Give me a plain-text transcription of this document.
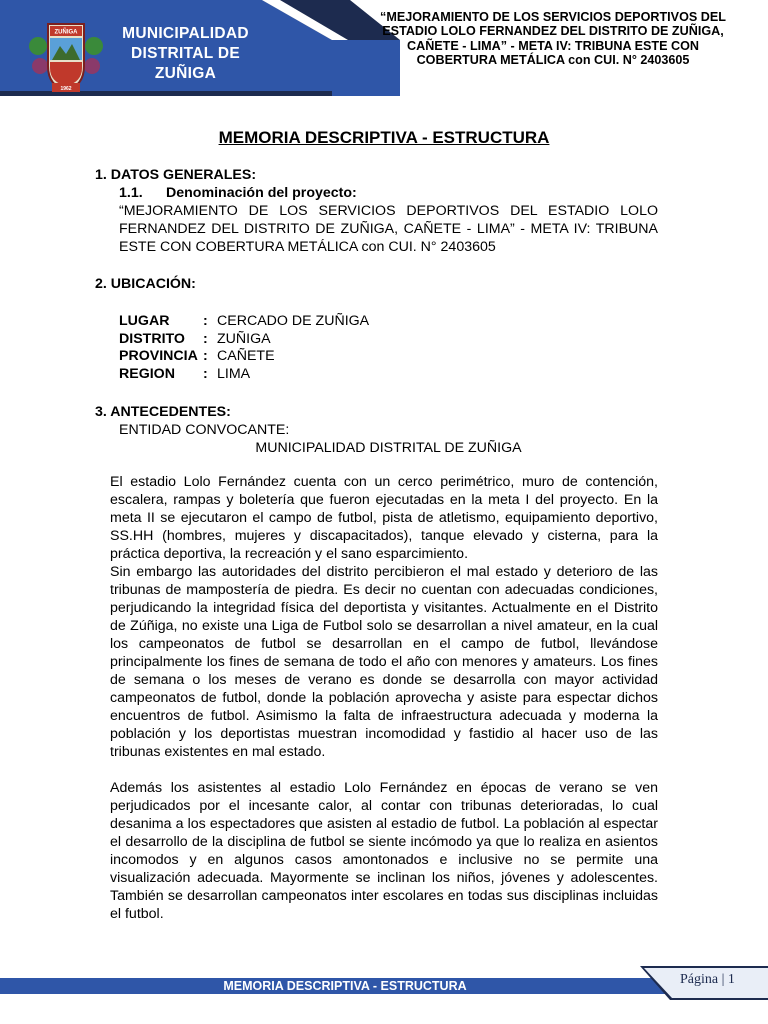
ZUÑIGA
1962
MUNICIPALIDAD DISTRITAL DE ZUÑIGA
“MEJORAMIENTO DE LOS SERVICIOS DEPORTIVOS DEL ESTADIO LOLO FERNANDEZ DEL DISTRITO DE ZUÑIGA, CAÑETE - LIMA” - META IV: TRIBUNA ESTE CON COBERTURA METÁLICA con CUI. N° 2403605
MEMORIA DESCRIPTIVA - ESTRUCTURA
1. DATOS GENERALES:
1.1. Denominación del proyecto:
“MEJORAMIENTO DE LOS SERVICIOS DEPORTIVOS DEL ESTADIO LOLO FERNANDEZ DEL DISTRITO DE ZUÑIGA, CAÑETE - LIMA” - META IV: TRIBUNA ESTE CON COBERTURA METÁLICA con CUI. N° 2403605
2. UBICACIÓN:
LUGAR	:	CERCADO DE ZUÑIGA
DISTRITO	:	ZUÑIGA
PROVINCIA	:	CAÑETE
REGION	:	LIMA
3. ANTECEDENTES:
ENTIDAD CONVOCANTE:
MUNICIPALIDAD DISTRITAL DE ZUÑIGA
El estadio Lolo Fernández cuenta con un cerco perimétrico, muro de contención, escalera, rampas y boletería que fueron ejecutadas en la meta I del proyecto. En la meta II se ejecutaron el campo de futbol, pista de atletismo, equipamiento deportivo, SS.HH (hombres, mujeres y discapacitados), tanque elevado y cisterna, para la práctica deportiva, la recreación y el sano esparcimiento.
Sin embargo las autoridades del distrito percibieron el mal estado y deterioro de las tribunas de mampostería de piedra. Es decir no cuentan con adecuadas condiciones, perjudicando la integridad física del deportista y visitantes. Actualmente en el Distrito de Zúñiga, no existe una Liga de Futbol solo se desarrollan a nivel amateur, en la cual los campeonatos de futbol se desarrollan en el campo de futbol, llevándose principalmente los fines de semana de todo el año con menores y amateurs. Los fines de semana o los meses de verano es donde se desarrolla con mayor actividad campeonatos de futbol, donde la población aprovecha y asiste para espectar dichos encuentros de futbol. Asimismo la falta de infraestructura adecuada y moderna la población y los deportistas muestran incomodidad y fastidio al hacer uso de las tribunas existentes en mal estado.
Además los asistentes al estadio Lolo Fernández en épocas de verano se ven perjudicados por el incesante calor, al contar con tribunas deterioradas, lo cual desanima a los espectadores que asisten al estadio de futbol. La población al espectar el desarrollo de la disciplina de futbol se siente incómodo ya que lo realiza en asientos incomodos y en algunos casos amontonados e inclusive no se permite una visualización adecuada. Mayormente se inclinan los niños, jóvenes y adolescentes. También se desarrollan campeonatos inter escolares en todas sus disciplinas incluidas el futbol.
MEMORIA DESCRIPTIVA - ESTRUCTURA	Página | 1
